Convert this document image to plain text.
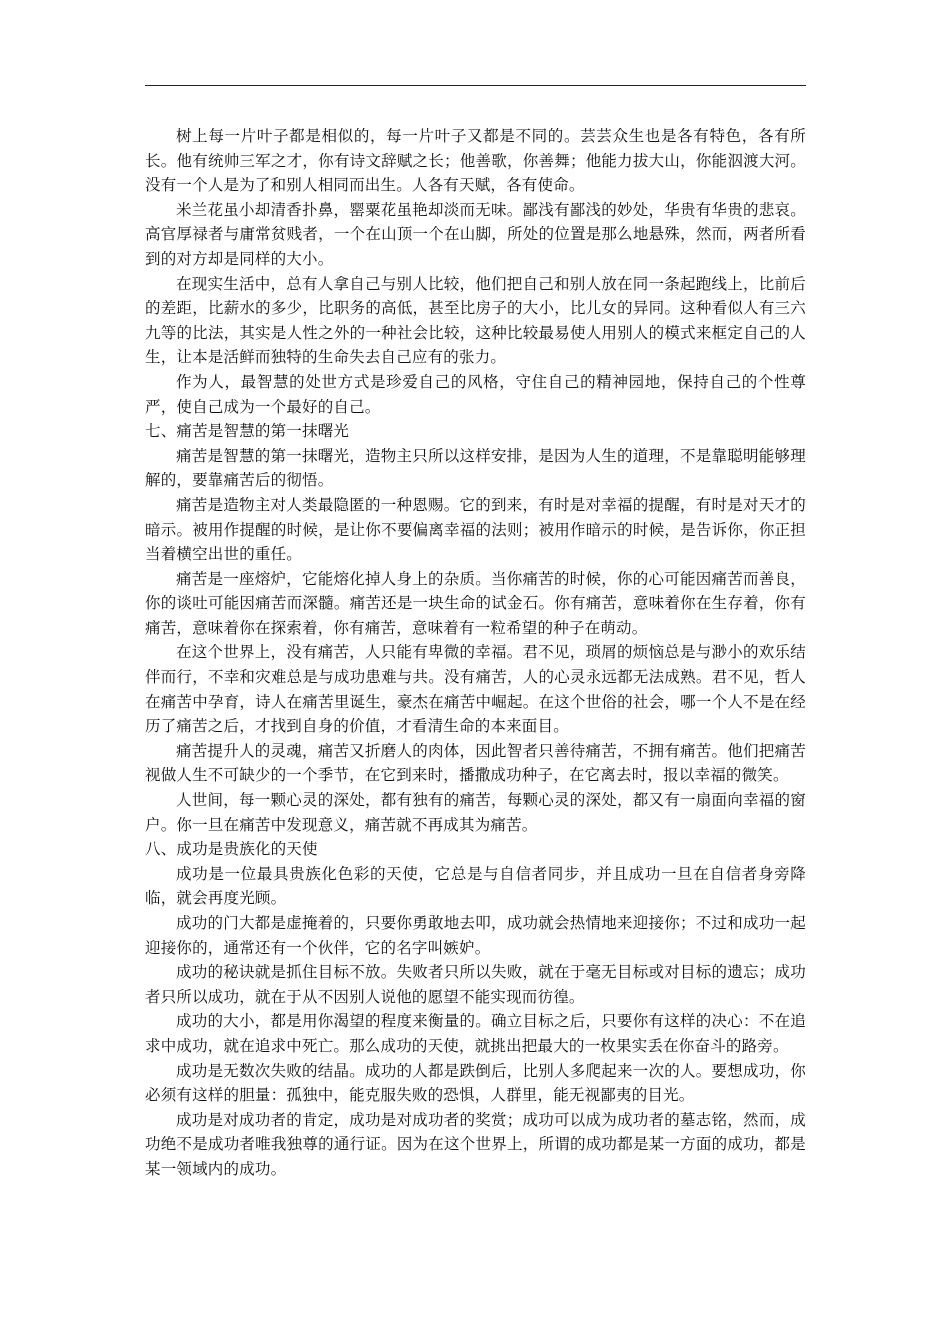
树上每一片叶子都是相似的，每一片叶子又都是不同的。芸芸众生也是各有特色，各有所长。他有统帅三军之才，你有诗文辞赋之长；他善歌，你善舞；他能力拔大山，你能泅渡大河。没有一个人是为了和别人相同而出生。人各有天赋，各有使命。

米兰花虽小却清香扑鼻，罂粟花虽艳却淡而无味。鄙浅有鄙浅的妙处，华贵有华贵的悲哀。高官厚禄者与庸常贫贱者，一个在山顶一个在山脚，所处的位置是那么地悬殊，然而，两者所看到的对方却是同样的大小。

在现实生活中，总有人拿自己与别人比较，他们把自己和别人放在同一条起跑线上，比前后的差距，比薪水的多少，比职务的高低，甚至比房子的大小，比儿女的异同。这种看似人有三六九等的比法，其实是人性之外的一种社会比较，这种比较最易使人用别人的模式来框定自己的人生，让本是活鲜而独特的生命失去自己应有的张力。

作为人，最智慧的处世方式是珍爱自己的风格，守住自己的精神园地，保持自己的个性尊严，使自己成为一个最好的自己。

七、痛苦是智慧的第一抹曙光

痛苦是智慧的第一抹曙光，造物主只所以这样安排，是因为人生的道理，不是靠聪明能够理解的，要靠痛苦后的彻悟。

痛苦是造物主对人类最隐匿的一种恩赐。它的到来，有时是对幸福的提醒，有时是对天才的暗示。被用作提醒的时候，是让你不要偏离幸福的法则；被用作暗示的时候，是告诉你，你正担当着横空出世的重任。

痛苦是一座熔炉，它能熔化掉人身上的杂质。当你痛苦的时候，你的心可能因痛苦而善良，你的谈吐可能因痛苦而深髓。痛苦还是一块生命的试金石。你有痛苦，意味着你在生存着，你有痛苦，意味着你在探索着，你有痛苦，意味着有一粒希望的种子在萌动。

在这个世界上，没有痛苦，人只能有卑微的幸福。君不见，琐屑的烦恼总是与渺小的欢乐结伴而行，不幸和灾难总是与成功患难与共。没有痛苦，人的心灵永远都无法成熟。君不见，哲人在痛苦中孕育，诗人在痛苦里诞生，豪杰在痛苦中崛起。在这个世俗的社会，哪一个人不是在经历了痛苦之后，才找到自身的价值，才看清生命的本来面目。

痛苦提升人的灵魂，痛苦又折磨人的肉体，因此智者只善待痛苦，不拥有痛苦。他们把痛苦视做人生不可缺少的一个季节，在它到来时，播撒成功种子，在它离去时，报以幸福的微笑。

人世间，每一颗心灵的深处，都有独有的痛苦，每颗心灵的深处，都又有一扇面向幸福的窗户。你一旦在痛苦中发现意义，痛苦就不再成其为痛苦。

八、成功是贵族化的天使

成功是一位最具贵族化色彩的天使，它总是与自信者同步，并且成功一旦在自信者身旁降临，就会再度光顾。

成功的门大都是虚掩着的，只要你勇敢地去叩，成功就会热情地来迎接你；不过和成功一起迎接你的，通常还有一个伙伴，它的名字叫嫉妒。

成功的秘诀就是抓住目标不放。失败者只所以失败，就在于毫无目标或对目标的遗忘；成功者只所以成功，就在于从不因别人说他的愿望不能实现而彷徨。

成功的大小，都是用你渴望的程度来衡量的。确立目标之后，只要你有这样的决心：不在追求中成功，就在追求中死亡。那么成功的天使，就挑出把最大的一枚果实丢在你奋斗的路旁。

成功是无数次失败的结晶。成功的人都是跌倒后，比别人多爬起来一次的人。要想成功，你必须有这样的胆量：孤独中，能克服失败的恐惧，人群里，能无视鄙夷的目光。

成功是对成功者的肯定，成功是对成功者的奖赏；成功可以成为成功者的墓志铭，然而，成功绝不是成功者唯我独尊的通行证。因为在这个世界上，所谓的成功都是某一方面的成功，都是某一领域内的成功。
